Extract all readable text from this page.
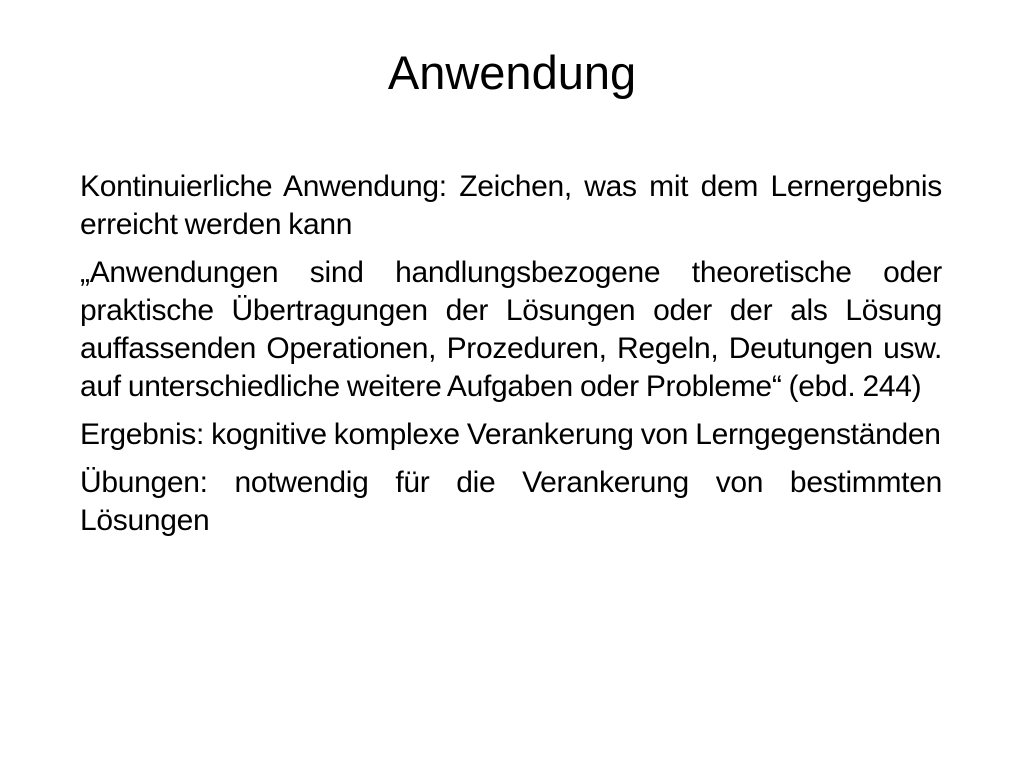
Anwendung
Kontinuierliche Anwendung: Zeichen, was mit dem Lernergebnis erreicht werden kann
„Anwendungen sind handlungsbezogene theoretische oder praktische Übertragungen der Lösungen oder der als Lösung auffassenden Operationen, Prozeduren, Regeln, Deutungen usw. auf unterschiedliche weitere Aufgaben oder Probleme“ (ebd. 244)
Ergebnis: kognitive komplexe Verankerung von Lerngegenständen
Übungen: notwendig für die Verankerung von bestimmten Lösungen
